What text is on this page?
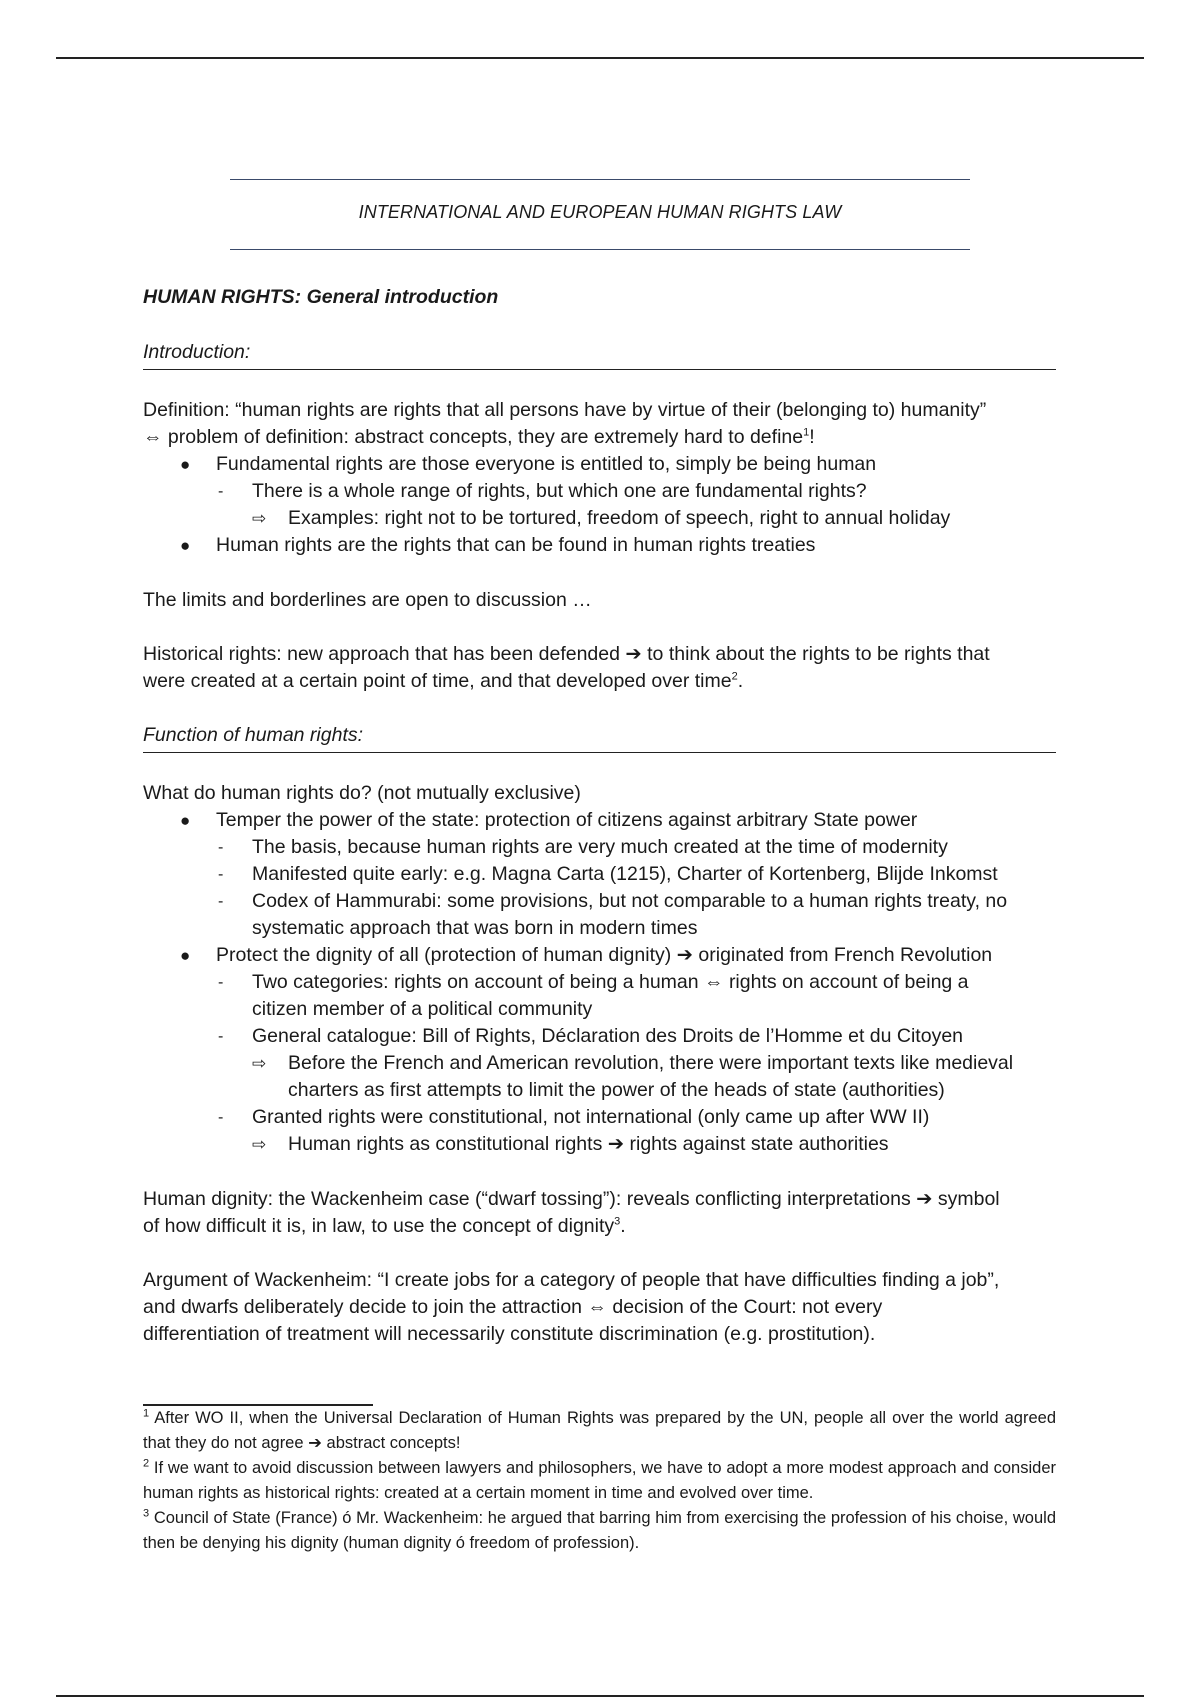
INTERNATIONAL AND EUROPEAN HUMAN RIGHTS LAW
HUMAN RIGHTS: General introduction
Introduction:
Definition: “human rights are rights that all persons have by virtue of their (belonging to) humanity”
⇔ problem of definition: abstract concepts, they are extremely hard to define$^1$!
● Fundamental rights are those everyone is entitled to, simply be being human
- There is a whole range of rights, but which one are fundamental rights?
⇨ Examples: right not to be tortured, freedom of speech, right to annual holiday
● Human rights are the rights that can be found in human rights treaties
The limits and borderlines are open to discussion …
Historical rights: new approach that has been defended ➔ to think about the rights to be rights that
were created at a certain point of time, and that developed over time$^2$.
Function of human rights:
What do human rights do? (not mutually exclusive)
● Temper the power of the state: protection of citizens against arbitrary State power
- The basis, because human rights are very much created at the time of modernity
- Manifested quite early: e.g. Magna Carta (1215), Charter of Kortenberg, Blijde Inkomst
- Codex of Hammurabi: some provisions, but not comparable to a human rights treaty, no
systematic approach that was born in modern times
● Protect the dignity of all (protection of human dignity) ➔ originated from French Revolution
- Two categories: rights on account of being a human ⇔ rights on account of being a
citizen member of a political community
- General catalogue: Bill of Rights, Déclaration des Droits de l’Homme et du Citoyen
⇨ Before the French and American revolution, there were important texts like medieval
charters as first attempts to limit the power of the heads of state (authorities)
- Granted rights were constitutional, not international (only came up after WW II)
⇨ Human rights as constitutional rights ➔ rights against state authorities
Human dignity: the Wackenheim case (“dwarf tossing”): reveals conflicting interpretations ➔ symbol
of how difficult it is, in law, to use the concept of dignity$^3$.
Argument of Wackenheim: “I create jobs for a category of people that have difficulties finding a job”,
and dwarfs deliberately decide to join the attraction ⇔ decision of the Court: not every
differentiation of treatment will necessarily constitute discrimination (e.g. prostitution).
$^1$ After WO II, when the Universal Declaration of Human Rights was prepared by the UN, people all over the world agreed that they do not agree ➔ abstract concepts!
$^2$ If we want to avoid discussion between lawyers and philosophers, we have to adopt a more modest approach and consider human rights as historical rights: created at a certain moment in time and evolved over time.
$^3$ Council of State (France) ó Mr. Wackenheim: he argued that barring him from exercising the profession of his choise, would then be denying his dignity (human dignity ó freedom of profession).
